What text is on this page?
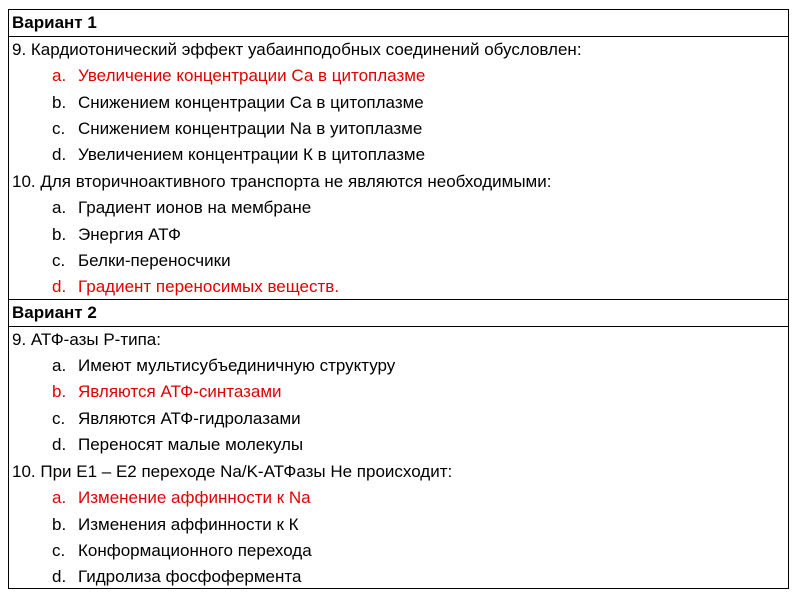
Вариант 1
9. Кардиотонический эффект уабаинподобных соединений обусловлен:
a. Увеличение концентрации Са в цитоплазме
b. Снижением концентрации Са в цитоплазме
c. Снижением концентрации Na в уитоплазме
d. Увеличением концентрации К в цитоплазме
10. Для вторичноактивного транспорта не являются необходимыми:
a. Градиент ионов на мембране
b. Энергия АТФ
c. Белки-переносчики
d. Градиент переносимых веществ.
Вариант 2
9. АТФ-азы Р-типа:
a. Имеют мультисубъединичную структуру
b. Являются АТФ-синтазами
c. Являются АТФ-гидролазами
d. Переносят малые молекулы
10. При Е1 – Е2 переходе Na/K-АТФазы Не происходит:
a. Изменение аффинности к Na
b. Изменения аффинности к К
c. Конформационного перехода
d. Гидролиза фосфофермента
